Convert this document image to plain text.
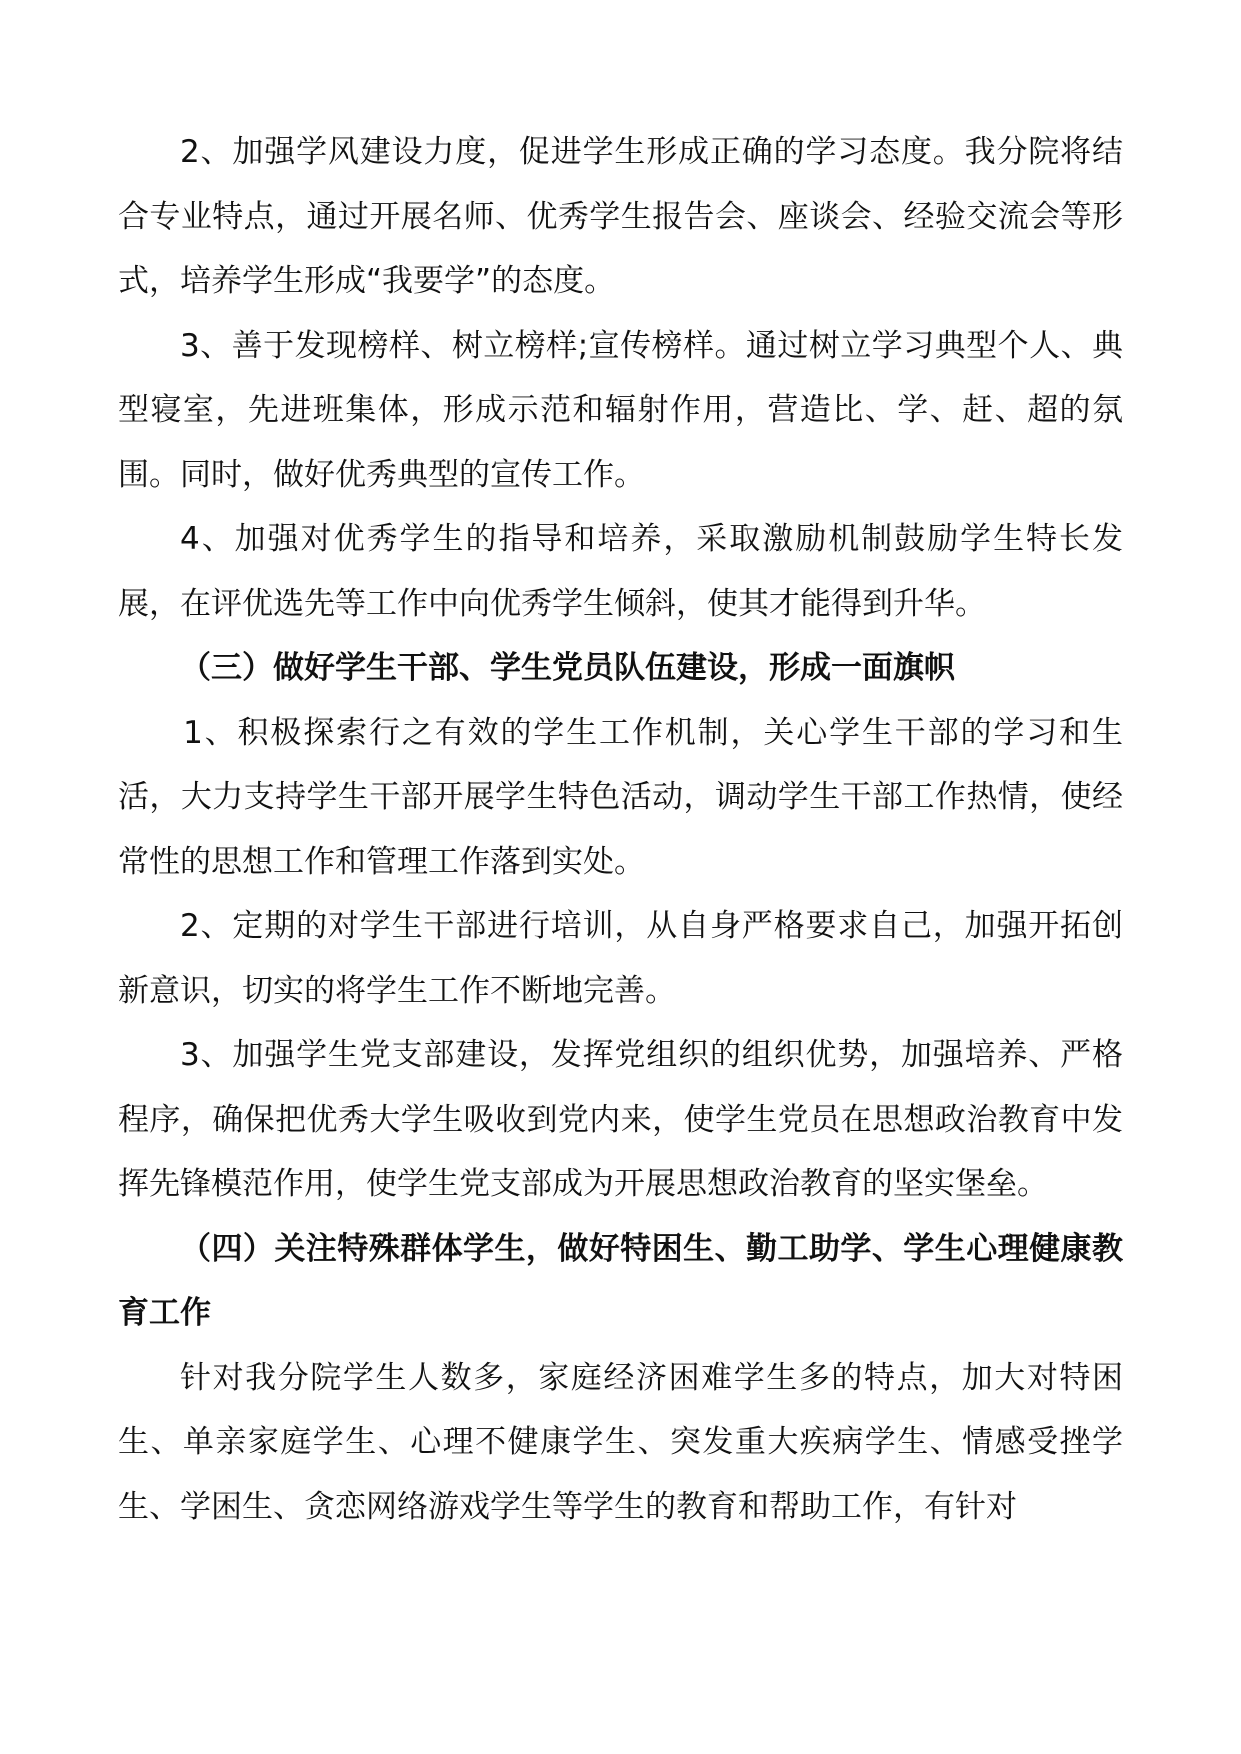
2、加强学风建设力度，促进学生形成正确的学习态度。我分院将结合专业特点，通过开展名师、优秀学生报告会、座谈会、经验交流会等形式，培养学生形成“我要学”的态度。

3、善于发现榜样、树立榜样;宣传榜样。通过树立学习典型个人、典型寝室，先进班集体，形成示范和辐射作用，营造比、学、赶、超的氛围。同时，做好优秀典型的宣传工作。

4、加强对优秀学生的指导和培养，采取激励机制鼓励学生特长发展，在评优选先等工作中向优秀学生倾斜，使其才能得到升华。

（三）做好学生干部、学生党员队伍建设，形成一面旗帜

1、积极探索行之有效的学生工作机制，关心学生干部的学习和生活，大力支持学生干部开展学生特色活动，调动学生干部工作热情，使经常性的思想工作和管理工作落到实处。

2、定期的对学生干部进行培训，从自身严格要求自己，加强开拓创新意识，切实的将学生工作不断地完善。

3、加强学生党支部建设，发挥党组织的组织优势，加强培养、严格程序，确保把优秀大学生吸收到党内来，使学生党员在思想政治教育中发挥先锋模范作用，使学生党支部成为开展思想政治教育的坚实堡垒。

（四）关注特殊群体学生，做好特困生、勤工助学、学生心理健康教育工作

针对我分院学生人数多，家庭经济困难学生多的特点，加大对特困生、单亲家庭学生、心理不健康学生、突发重大疾病学生、情感受挫学生、学困生、贪恋网络游戏学生等学生的教育和帮助工作，有针对
